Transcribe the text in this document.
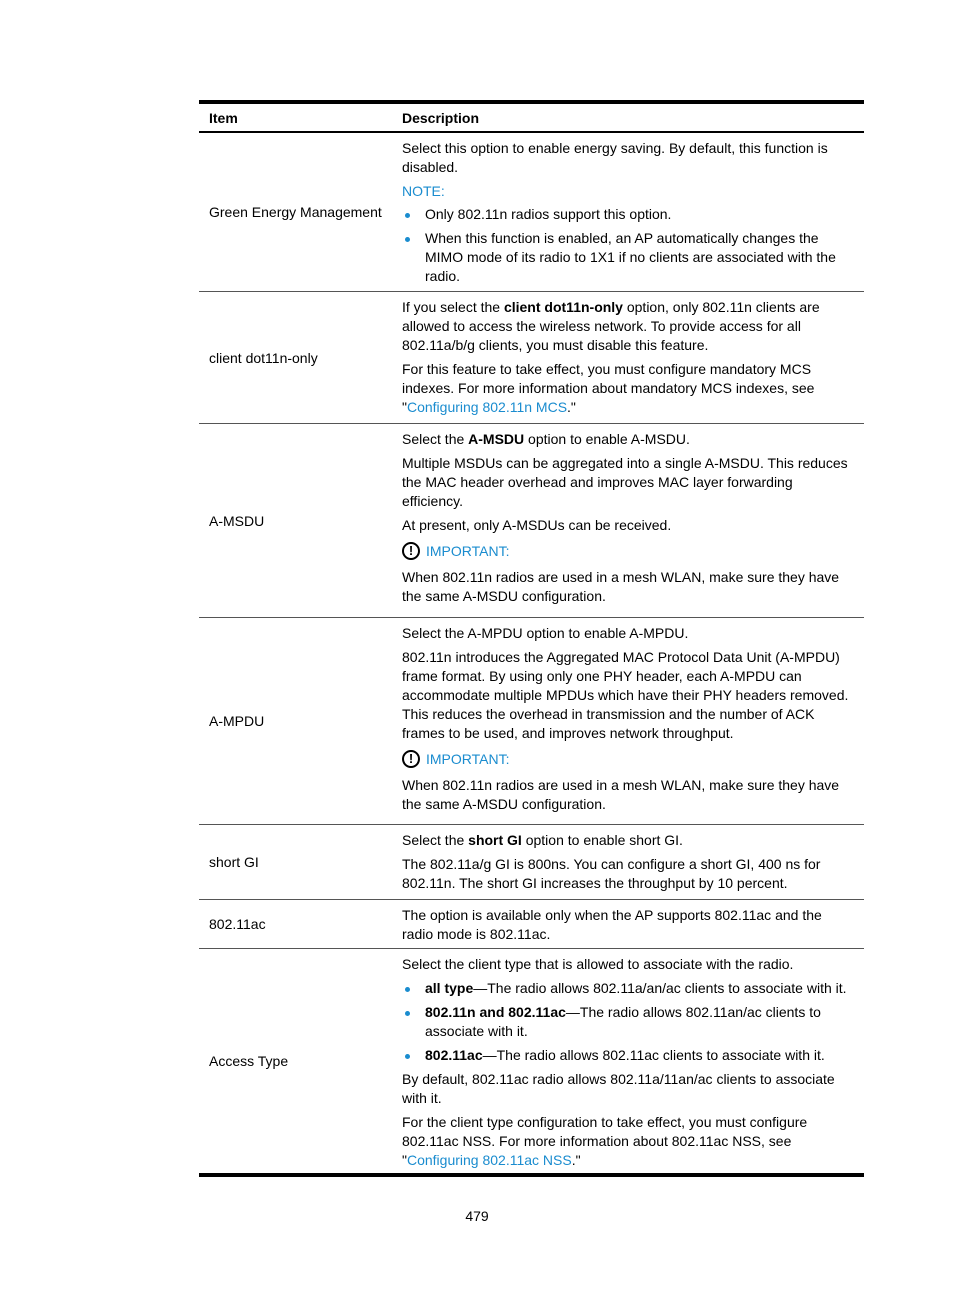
Item	Description
Green Energy Management

Select this option to enable energy saving. By default, this function is disabled.

NOTE:
Only 802.11n radios support this option.
When this function is enabled, an AP automatically changes the MIMO mode of its radio to 1X1 if no clients are associated with the radio.
client dot11n-only

If you select the client dot11n-only option, only 802.11n clients are allowed to access the wireless network. To provide access for all 802.11a/b/g clients, you must disable this feature.

For this feature to take effect, you must configure mandatory MCS indexes. For more information about mandatory MCS indexes, see "Configuring 802.11n MCS."

A-MSDU

Select the A-MSDU option to enable A-MSDU.

Multiple MSDUs can be aggregated into a single A-MSDU. This reduces the MAC header overhead and improves MAC layer forwarding efficiency.

At present, only A-MSDUs can be received.

! IMPORTANT:

When 802.11n radios are used in a mesh WLAN, make sure they have the same A-MSDU configuration.

A-MPDU

Select the A-MPDU option to enable A-MPDU.

802.11n introduces the Aggregated MAC Protocol Data Unit (A-MPDU) frame format. By using only one PHY header, each A-MPDU can accommodate multiple MPDUs which have their PHY headers removed. This reduces the overhead in transmission and the number of ACK frames to be used, and improves network throughput.

! IMPORTANT:

When 802.11n radios are used in a mesh WLAN, make sure they have the same A-MSDU configuration.

short GI

Select the short GI option to enable short GI.

The 802.11a/g GI is 800ns. You can configure a short GI, 400 ns for 802.11n. The short GI increases the throughput by 10 percent.

802.11ac

The option is available only when the AP supports 802.11ac and the radio mode is 802.11ac.

Access Type

Select the client type that is allowed to associate with the radio.

all type—The radio allows 802.11a/an/ac clients to associate with it.
802.11n and 802.11ac—The radio allows 802.11an/ac clients to associate with it.
802.11ac—The radio allows 802.11ac clients to associate with it.

By default, 802.11ac radio allows 802.11a/11an/ac clients to associate with it.

For the client type configuration to take effect, you must configure 802.11ac NSS. For more information about 802.11ac NSS, see "Configuring 802.11ac NSS."

479
